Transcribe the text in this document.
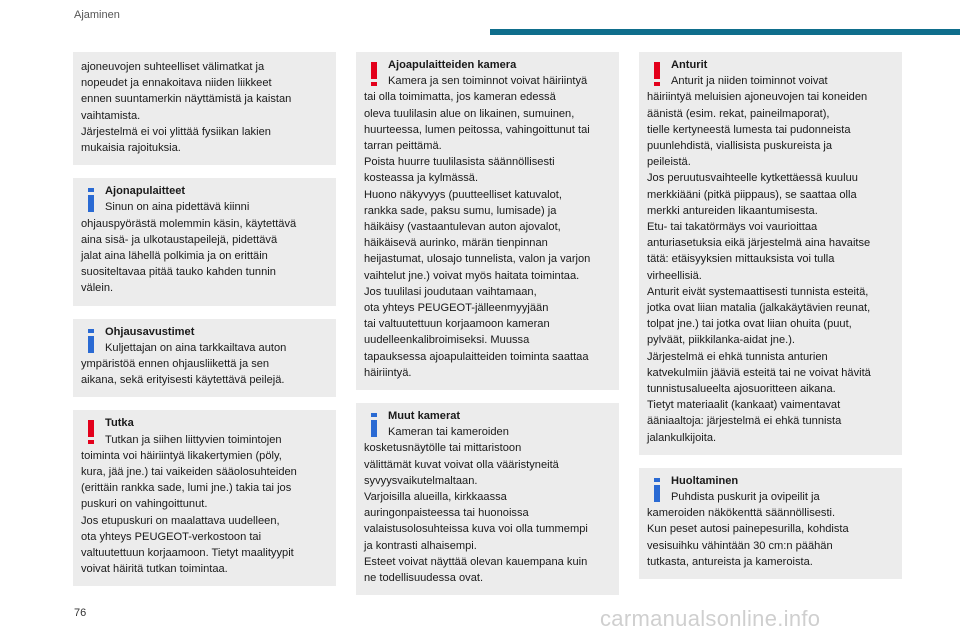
Ajaminen

ajoneuvojen suhteelliset välimatkat ja

nopeudet ja ennakoitava niiden liikkeet

ennen suuntamerkin näyttämistä ja kaistan

vaihtamista.

Järjestelmä ei voi ylittää fysiikan lakien

mukaisia rajoituksia.

Ajonapulaitteet

Sinun on aina pidettävä kiinni

ohjauspyörästä molemmin käsin, käytettävä

aina sisä- ja ulkotaustapeilejä, pidettävä

jalat aina lähellä polkimia ja on erittäin

suositeltavaa pitää tauko kahden tunnin

välein.

Ohjausavustimet

Kuljettajan on aina tarkkailtava auton

ympäristöä ennen ohjausliikettä ja sen

aikana, sekä erityisesti käytettävä peilejä.

Tutka

Tutkan ja siihen liittyvien toimintojen

toiminta voi häiriintyä likakertymien (pöly,

kura, jää jne.) tai vaikeiden sääolosuhteiden

(erittäin rankka sade, lumi jne.) takia tai jos

puskuri on vahingoittunut.

Jos etupuskuri on maalattava uudelleen,

ota yhteys PEUGEOT-verkostoon tai

valtuutettuun korjaamoon. Tietyt maalityypit

voivat häiritä tutkan toimintaa.

Ajoapulaitteiden kamera

Kamera ja sen toiminnot voivat häiriintyä

tai olla toimimatta, jos kameran edessä

oleva tuulilasin alue on likainen, sumuinen,

huurteessa, lumen peitossa, vahingoittunut tai

tarran peittämä.

Poista huurre tuulilasista säännöllisesti

kosteassa ja kylmässä.

Huono näkyvyys (puutteelliset katuvalot,

rankka sade, paksu sumu, lumisade) ja

häikäisy (vastaantulevan auton ajovalot,

häikäisevä aurinko, märän tienpinnan

heijastumat, ulosajo tunnelista, valon ja varjon

vaihtelut jne.) voivat myös haitata toimintaa.

Jos tuulilasi joudutaan vaihtamaan,

ota yhteys PEUGEOT-jälleenmyyjään

tai valtuutettuun korjaamoon kameran

uudelleenkalibroimiseksi. Muussa

tapauksessa ajoapulaitteiden toiminta saattaa

häiriintyä.

Muut kamerat

Kameran tai kameroiden

kosketusnäytölle tai mittaristoon

välittämät kuvat voivat olla vääristyneitä

syvyysvaikutelmaltaan.

Varjoisilla alueilla, kirkkaassa

auringonpaisteessa tai huonoissa

valaistusolosuhteissa kuva voi olla tummempi

ja kontrasti alhaisempi.

Esteet voivat näyttää olevan kauempana kuin

ne todellisuudessa ovat.

Anturit

Anturit ja niiden toiminnot voivat

häiriintyä meluisien ajoneuvojen tai koneiden

äänistä (esim. rekat, paineilmaporat),

tielle kertyneestä lumesta tai pudonneista

puunlehdistä, viallisista puskureista ja

peileistä.

Jos peruutusvaihteelle kytkettäessä kuuluu

merkkiääni (pitkä piippaus), se saattaa olla

merkki antureiden likaantumisesta.

Etu- tai takatörmäys voi vaurioittaa

anturiasetuksia eikä järjestelmä aina havaitse

tätä: etäisyyksien mittauksista voi tulla

virheellisiä.

Anturit eivät systemaattisesti tunnista esteitä,

jotka ovat liian matalia (jalkakäytävien reunat,

tolpat jne.) tai jotka ovat liian ohuita (puut,

pylväät, piikkilanka-aidat jne.).

Järjestelmä ei ehkä tunnista anturien

katvekulmiin jääviä esteitä tai ne voivat hävitä

tunnistusalueelta ajosuoritteen aikana.

Tietyt materiaalit (kankaat) vaimentavat

ääniaaltoja: järjestelmä ei ehkä tunnista

jalankulkijoita.

Huoltaminen

Puhdista puskurit ja ovipeilit ja

kameroiden näkökenttä säännöllisesti.

Kun peset autosi painepesurilla, kohdista

vesisuihku vähintään 30 cm:n päähän

tutkasta, antureista ja kameroista.

76	carmanualsonline.info
